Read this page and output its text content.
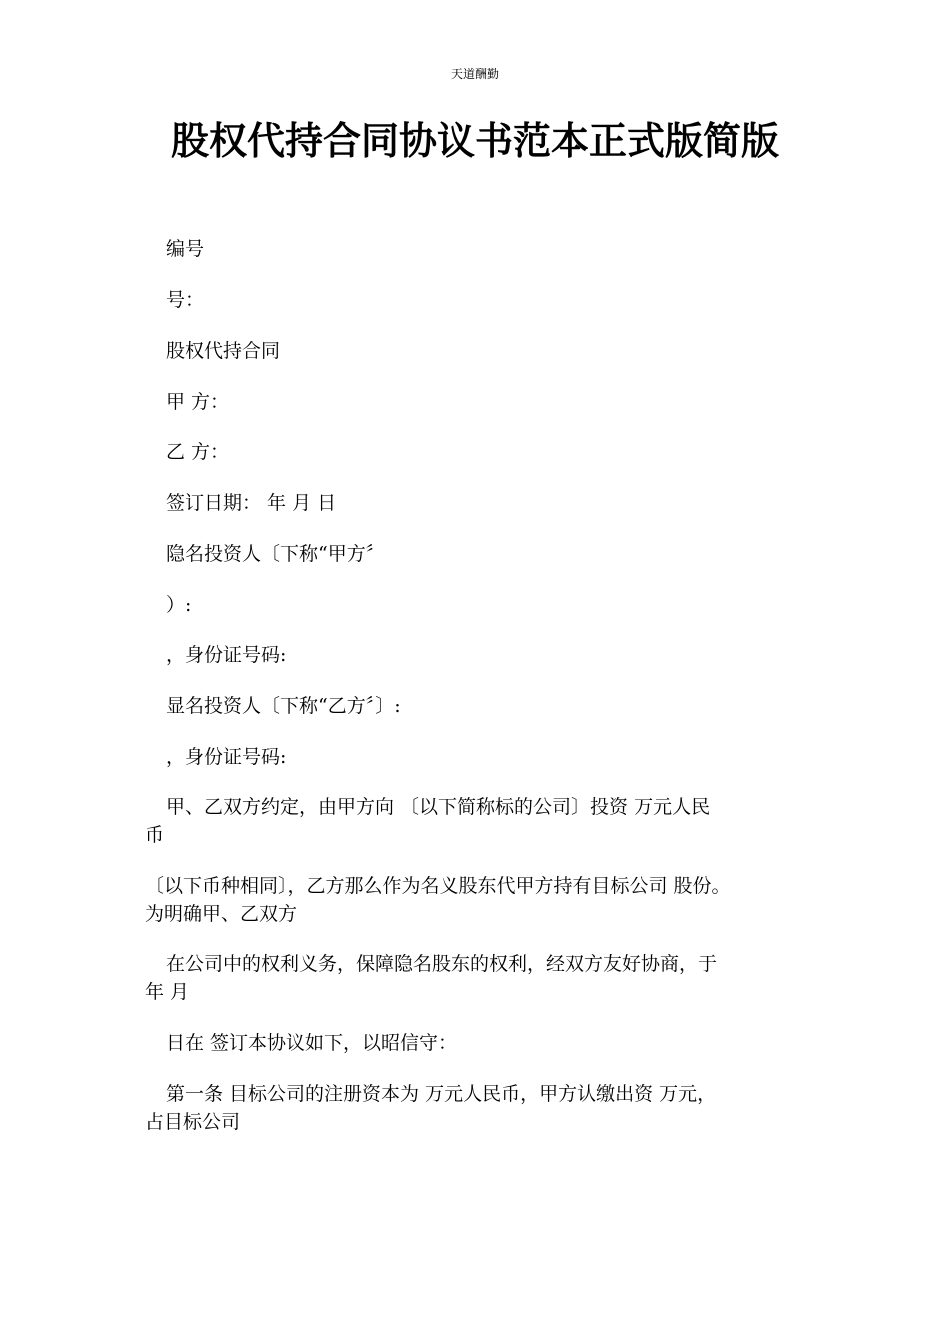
天道酬勤
股权代持合同协议书范本正式版简版

编号

号：

股权代持合同

甲 方：

乙 方：

签订日期： 年 月 日

隐名投资人〔下称“甲方〞

）:

，身份证号码:

显名投资人〔下称“乙方〞〕:

，身份证号码:

甲、乙双方约定，由甲方向 〔以下简称标的公司〕投资 万元人民
币

〔以下币种相同〕，乙方那么作为名义股东代甲方持有目标公司 股份。
为明确甲、乙双方

在公司中的权利义务，保障隐名股东的权利，经双方友好协商，于
年 月

日在 签订本协议如下，以昭信守：

第一条 目标公司的注册资本为 万元人民币，甲方认缴出资 万元，
占目标公司
